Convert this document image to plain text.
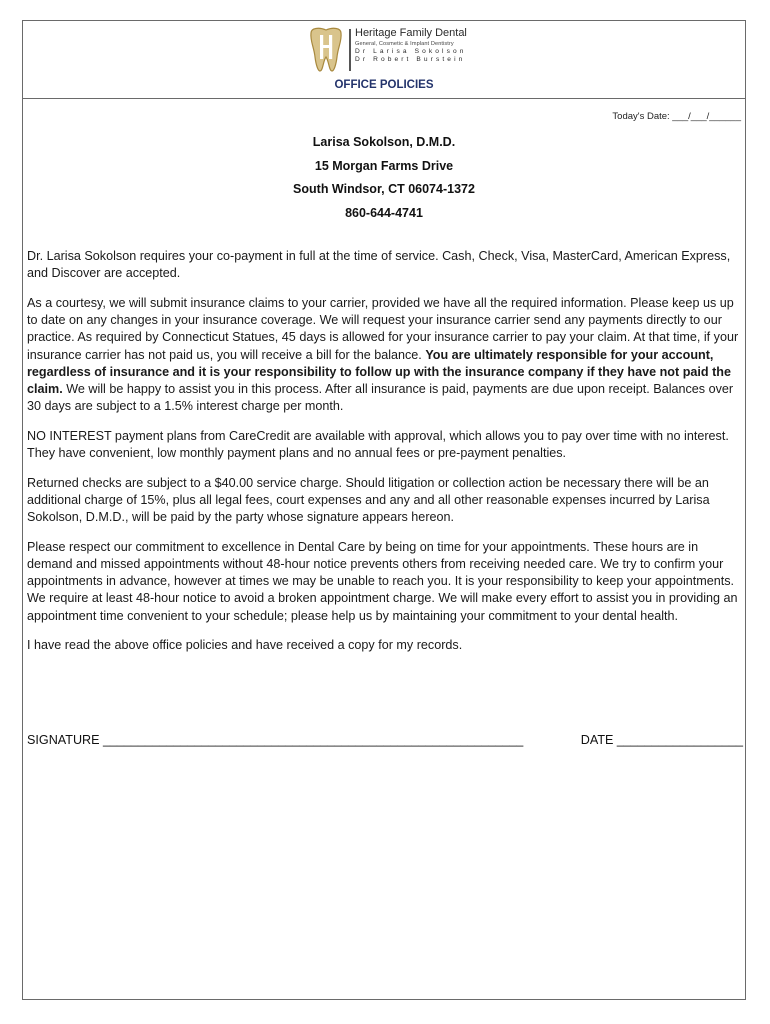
Heritage Family Dental
General, Cosmetic & Implant Dentistry
Dr Larisa Sokolson
Dr Robert Burstein
OFFICE POLICIES
Today's Date: ___/___/______
Larisa Sokolson, D.M.D.
15 Morgan Farms Drive
South Windsor, CT 06074-1372
860-644-4741

Dr. Larisa Sokolson requires your co-payment in full at the time of service. Cash, Check, Visa, MasterCard, American Express, and Discover are accepted.

As a courtesy, we will submit insurance claims to your carrier, provided we have all the required information. Please keep us up to date on any changes in your insurance coverage. We will request your insurance carrier send any payments directly to our practice. As required by Connecticut Statues, 45 days is allowed for your insurance carrier to pay your claim. At that time, if your insurance carrier has not paid us, you will receive a bill for the balance. You are ultimately responsible for your account, regardless of insurance and it is your responsibility to follow up with the insurance company if they have not paid the claim. We will be happy to assist you in this process. After all insurance is paid, payments are due upon receipt. Balances over 30 days are subject to a 1.5% interest charge per month.

NO INTEREST payment plans from CareCredit are available with approval, which allows you to pay over time with no interest. They have convenient, low monthly payment plans and no annual fees or pre-payment penalties.

Returned checks are subject to a $40.00 service charge. Should litigation or collection action be necessary there will be an additional charge of 15%, plus all legal fees, court expenses and any and all other reasonable expenses incurred by Larisa Sokolson, D.M.D., will be paid by the party whose signature appears hereon.

Please respect our commitment to excellence in Dental Care by being on time for your appointments. These hours are in demand and missed appointments without 48-hour notice prevents others from receiving needed care. We try to confirm your appointments in advance, however at times we may be unable to reach you. It is your responsibility to keep your appointments. We require at least 48-hour notice to avoid a broken appointment charge. We will make every effort to assist you in providing an appointment time convenient to your schedule; please help us by maintaining your commitment to your dental health.

I have read the above office policies and have received a copy for my records.

SIGNATURE ____________________________________________________________	DATE __________________
